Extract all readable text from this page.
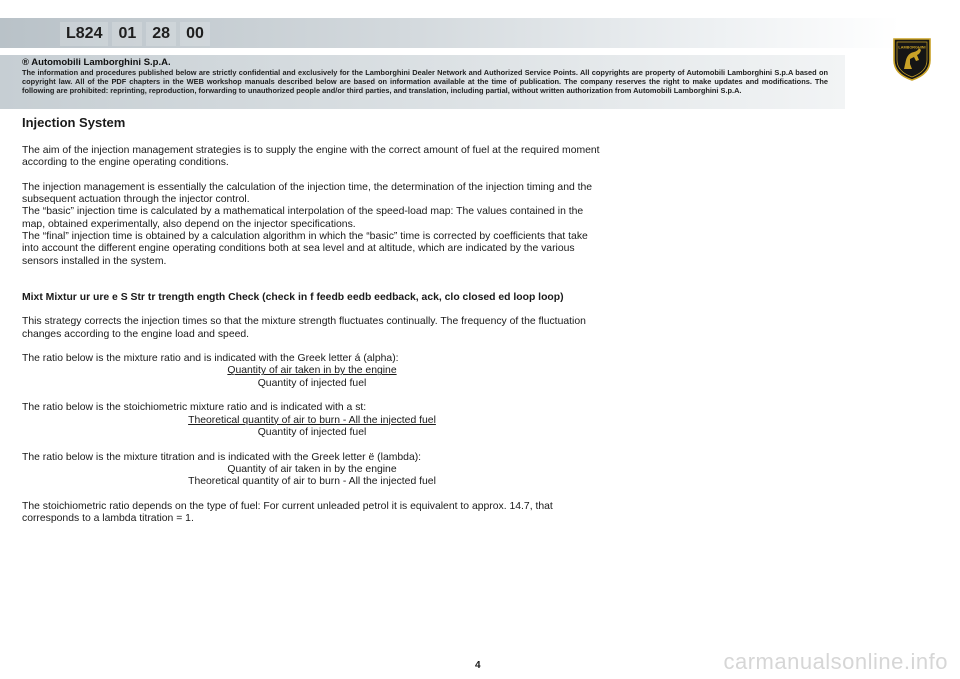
L824	01	28	00
® Automobili Lamborghini S.p.A.
The information and procedures published below are strictly confidential and exclusively for the Lamborghini Dealer Network and Authorized Service Points. All copyrights are property of Automobili Lamborghini S.p.A based on copyright law. All of the PDF chapters in the WEB workshop manuals described below are based on information available at the time of publication. The company reserves the right to make updates and modifications. The following are prohibited: reprinting, reproduction, forwarding to unauthorized people and/or third parties, and translation, including partial, without written authorization from Automobili Lamborghini S.p.A.
LAMBORGHINI
Injection System

The aim of the injection management strategies is to supply the engine with the correct amount of fuel at the required moment according to the engine operating conditions.

The injection management is essentially the calculation of the injection time, the determination of the injection timing and the subsequent actuation through the injector control.
The “basic” injection time is calculated by a mathematical interpolation of the speed-load map: The values contained in the map, obtained experimentally, also depend on the injector specifications.
The “final” injection time is obtained by a calculation algorithm in which the “basic” time is corrected by coefficients that take into account the different engine operating conditions both at sea level and at altitude, which are indicated by the various sensors installed in the system.

Mixt Mixtur ur ure e S Str tr trength ength Check (check in f feedb eedb eedback, ack, clo closed ed loop loop)

This strategy corrects the injection times so that the mixture strength fluctuates continually. The frequency of the fluctuation changes according to the engine load and speed.

The ratio below is the mixture ratio and is indicated with the Greek letter á (alpha):

Quantity of air taken in by the engine
Quantity of injected fuel

The ratio below is the stoichiometric mixture ratio and is indicated with a st:

Theoretical quantity of air to burn - All the injected fuel
Quantity of injected fuel

The ratio below is the mixture titration and is indicated with the Greek letter ë (lambda):

Quantity of air taken in by the engine
Theoretical quantity of air to burn - All the injected fuel

The stoichiometric ratio depends on the type of fuel: For current unleaded petrol it is equivalent to approx. 14.7, that corresponds to a lambda titration = 1.

4	carmanualsonline.info
